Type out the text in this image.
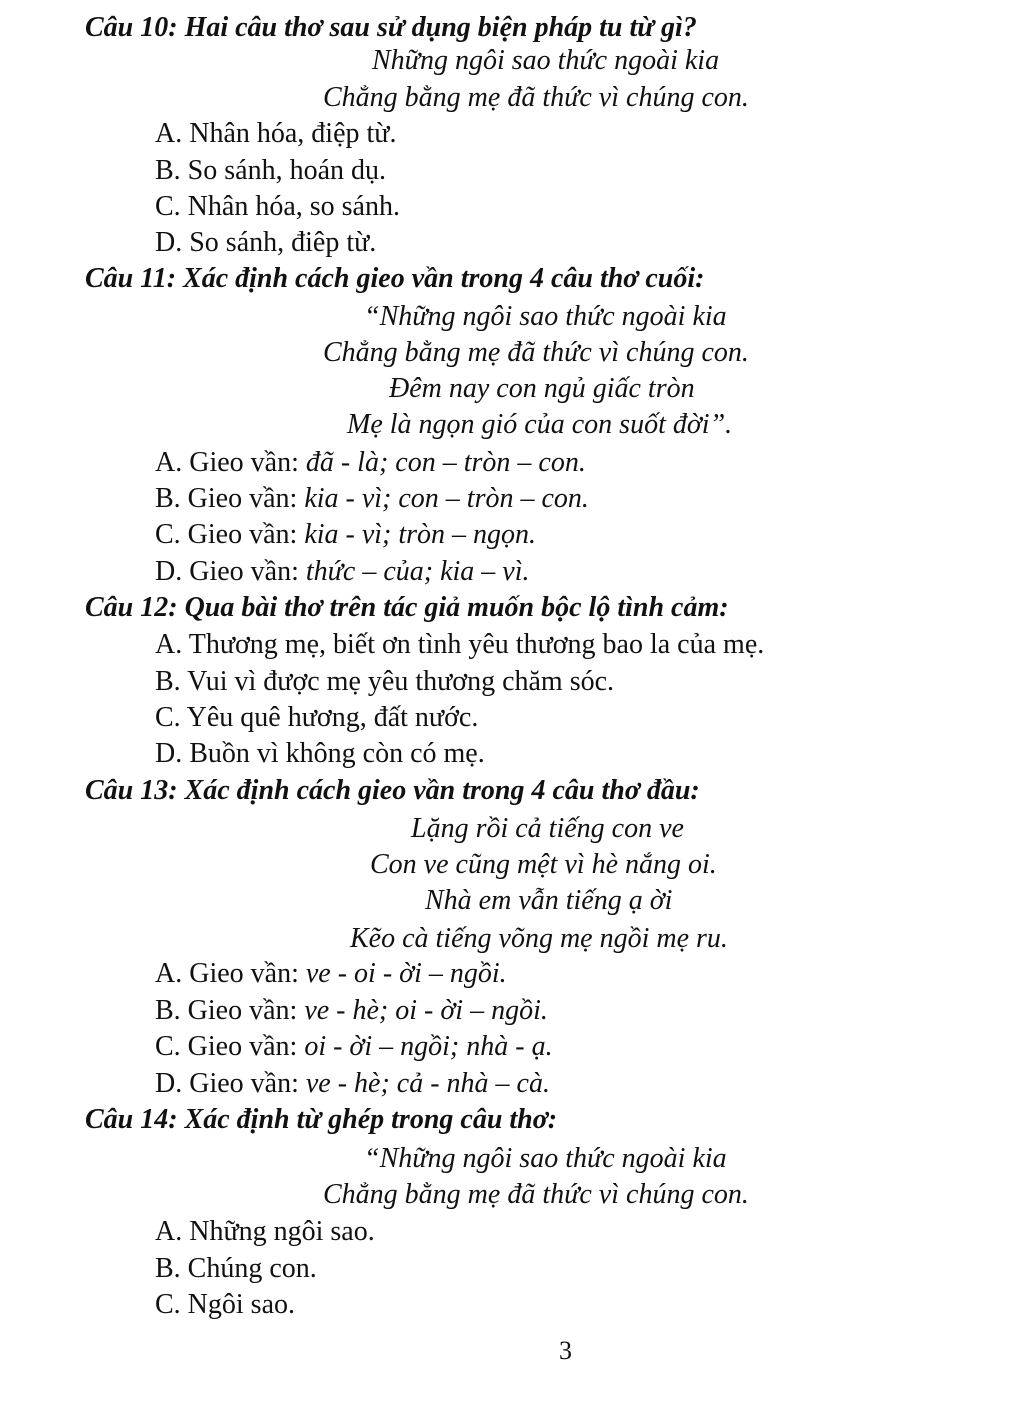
Câu 10: Hai câu thơ sau sử dụng biện pháp tu từ gì?
Những ngôi sao thức ngoài kia
Chẳng bằng mẹ đã thức vì chúng con.
A. Nhân hóa, điệp từ.
B. So sánh, hoán dụ.
C. Nhân hóa, so sánh.
D. So sánh, điêp từ.
Câu 11: Xác định cách gieo vần trong 4 câu thơ cuối:
“Những ngôi sao thức ngoài kia
Chẳng bằng mẹ đã thức vì chúng con.
Đêm nay con ngủ giấc tròn
Mẹ là ngọn gió của con suốt đời”.
A. Gieo vần: đã - là; con – tròn – con.
B. Gieo vần: kia - vì; con – tròn – con.
C. Gieo vần: kia - vì; tròn – ngọn.
D. Gieo vần: thức – của; kia – vì.
Câu 12: Qua bài thơ trên tác giả muốn bộc lộ tình cảm:
A. Thương mẹ, biết ơn tình yêu thương bao la của mẹ.
B. Vui vì được mẹ yêu thương chăm sóc.
C. Yêu quê hương, đất nước.
D. Buồn vì không còn có mẹ.
Câu 13: Xác định cách gieo vần trong 4 câu thơ đầu:
Lặng rồi cả tiếng con ve
Con ve cũng mệt vì hè nắng oi.
Nhà em vẫn tiếng ạ ời
Kẽo cà tiếng võng mẹ ngồi mẹ ru.
A. Gieo vần: ve - oi - ời – ngồi.
B. Gieo vần: ve - hè; oi - ời – ngồi.
C. Gieo vần: oi - ời – ngồi; nhà - ạ.
D. Gieo vần: ve - hè; cả - nhà – cà.
Câu 14: Xác định từ ghép trong câu thơ:
“Những ngôi sao thức ngoài kia
Chẳng bằng mẹ đã thức vì chúng con.
A. Những ngôi sao.
B. Chúng con.
C. Ngôi sao.
3
